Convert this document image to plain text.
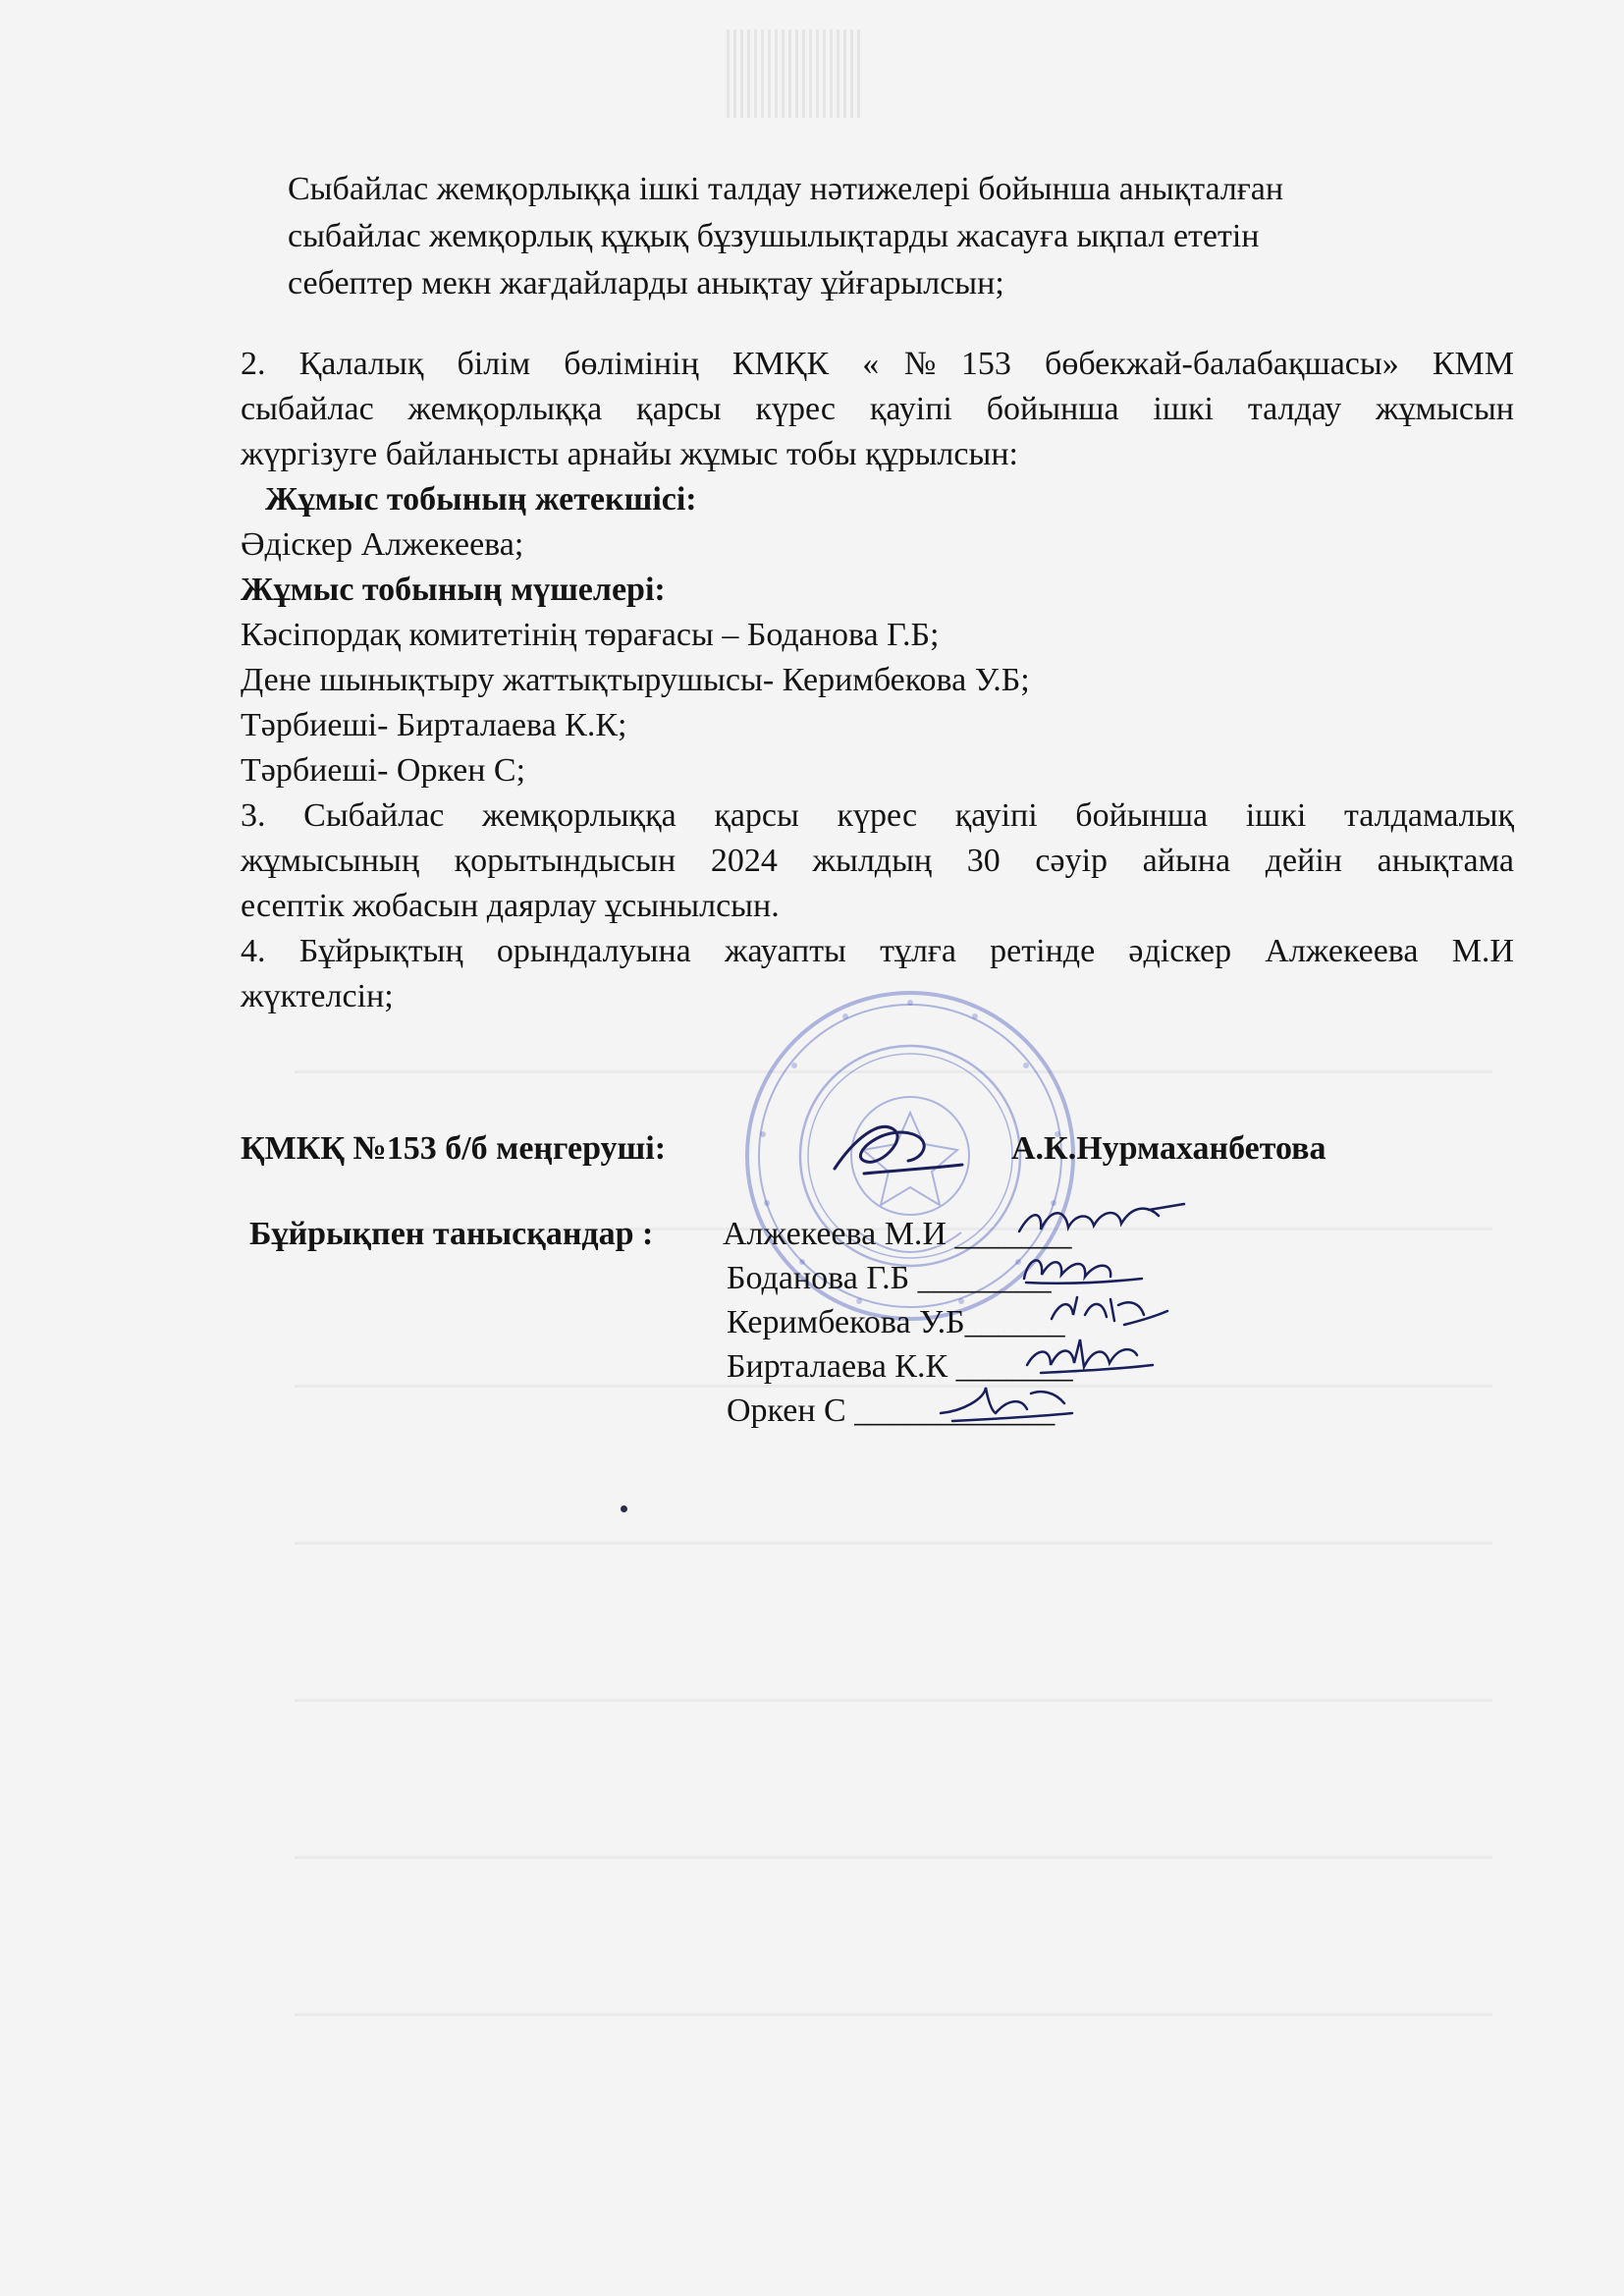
Сыбайлас жемқорлыққа ішкі талдау нәтижелері бойынша анықталған
сыбайлас жемқорлық құқық бұзушылықтарды жасауға ықпал ететін
себептер мекн жағдайларды анықтау ұйғарылсын;
2. Қалалық білім бөлімінің КМҚК «№153 бөбекжай-балабақшасы» КММ
сыбайлас жемқорлыққа қарсы күрес қауіпі бойынша ішкі талдау жұмысын
жүргізуге байланысты арнайы жұмыс тобы құрылсын:
Жұмыс тобының жетекшісі:
Әдіскер Алжекеева;
Жұмыс тобының мүшелері:
Кәсіпордақ комитетінің төрағасы – Боданова Г.Б;
Дене шынықтыру жаттықтырушысы- Керимбекова У.Б;
Тәрбиеші- Бирталаева К.К;
Тәрбиеші- Оркен С;
3. Сыбайлас жемқорлыққа қарсы күрес қауіпі бойынша ішкі талдамалық
жұмысының қорытындысын 2024 жылдың 30 сәуір айына дейін анықтама
есептік жобасын даярлау ұсынылсын.
4. Бұйрықтың орындалуына жауапты тұлға ретінде әдіскер Алжекеева М.И
жүктелсін;
ҚМКҚ №153 б/б меңгеруші:	А.К.Нурмаханбетова
Бұйрықпен танысқандар : Алжекеева М.И _______
Боданова Г.Б ________
Керимбекова У.Б______
Бирталаева К.К _______
Оркен С ____________
